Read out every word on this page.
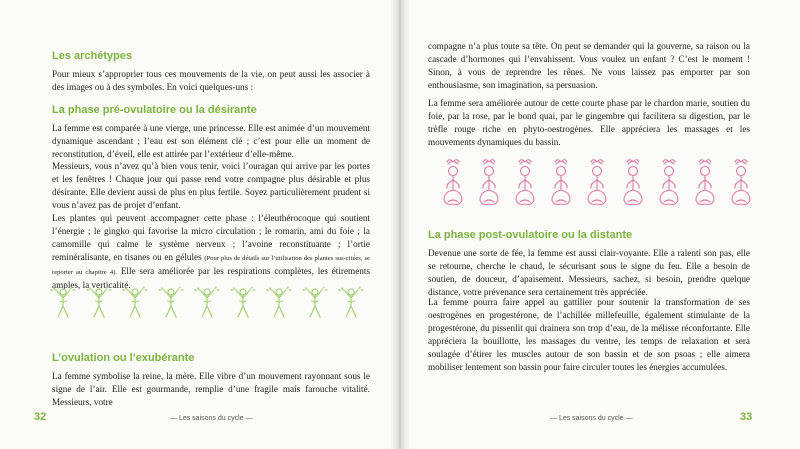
Les archétypes

Pour mieux s’approprier tous ces mouvements de la vie, on peut aussi les associer à des images ou à des symboles. En voici quelques-uns :

La phase pré-ovulatoire ou la désirante

La femme est comparée à une vierge, une princesse. Elle est animée d’un mouvement dynamique ascendant ; l’eau est son élément clé ; c’est pour elle un moment de reconstitution, d’éveil, elle est attirée par l’extérieur d’elle-même.

Messieurs, vous n’avez qu’à bien vous tenir, voici l’ouragan qui arrive par les portes et les fenêtres ! Chaque jour qui passe rend votre compagne plus désirable et plus désirante. Elle devient aussi de plus en plus fertile. Soyez particulièrement prudent si vous n’avez pas de projet d’enfant.

Les plantes qui peuvent accompagner cette phase : l’éleuthérocoque qui soutient l’énergie ; le gingko qui favorise la micro circulation ; le romarin, ami du foie ; la camomille qui calme le système nerveux ; l’avoine reconstituante ; l’ortie reminéralisante, en tisanes ou en gélules (Pour plus de détails sur l’utilisation des plantes sus-citées, se reporter au chapitre 4). Elle sera améliorée par les respirations complètes, les étirements amples, la verticalité.

L’ovulation ou l’exubérante

La femme symbolise la reine, la mère. Elle vibre d’un mouvement rayonnant sous le signe de l’air. Elle est gourmande, remplie d’une fragile mais farouche vitalité. Messieurs, votre

32	— Les saisons du cycle —

compagne n’a plus toute sa tête. On peut se demander qui la gouverne, sa raison ou la cascade d’hormones qui l’envahissent. Vous voulez un enfant ? C’est le moment ! Sinon, à vous de reprendre les rênes. Ne vous laissez pas emporter par son enthousiasme, son imagination, sa persuasion.

La femme sera améliorée autour de cette courte phase par le chardon marie, soutien du foie, par la rose, par le bond quai, par le gingembre qui facilitera sa digestion, par le trèfle rouge riche en phyto-oestrogènes. Elle appréciera les massages et les mouvements dynamiques du bassin.

La phase post-ovulatoire ou la distante

Devenue une sorte de fée, la femme est aussi clair-voyante. Elle a ralenti son pas, elle se retourne, cherche le chaud, le sécurisant sous le signe du feu. Elle a besoin de soutien, de douceur, d’apaisement. Messieurs, sachez, si besoin, prendre quelque distance, votre prévenance sera certainement très appréciée.

La femme pourra faire appel au gattilier pour soutenir la transformation de ses oestrogènes en progestérone, de l’achillée millefeuille, également stimulante de la progestérone, du pissenlit qui drainera son trop d’eau, de la mélisse réconfortante. Elle appréciera la bouillotte, les massages du ventre, les temps de relaxation et sera soulagée d’étirer les muscles autour de son bassin et de son psoas ; elle aimera mobiliser lentement son bassin pour faire circuler toutes les énergies accumulées.

— Les saisons du cycle —	33
